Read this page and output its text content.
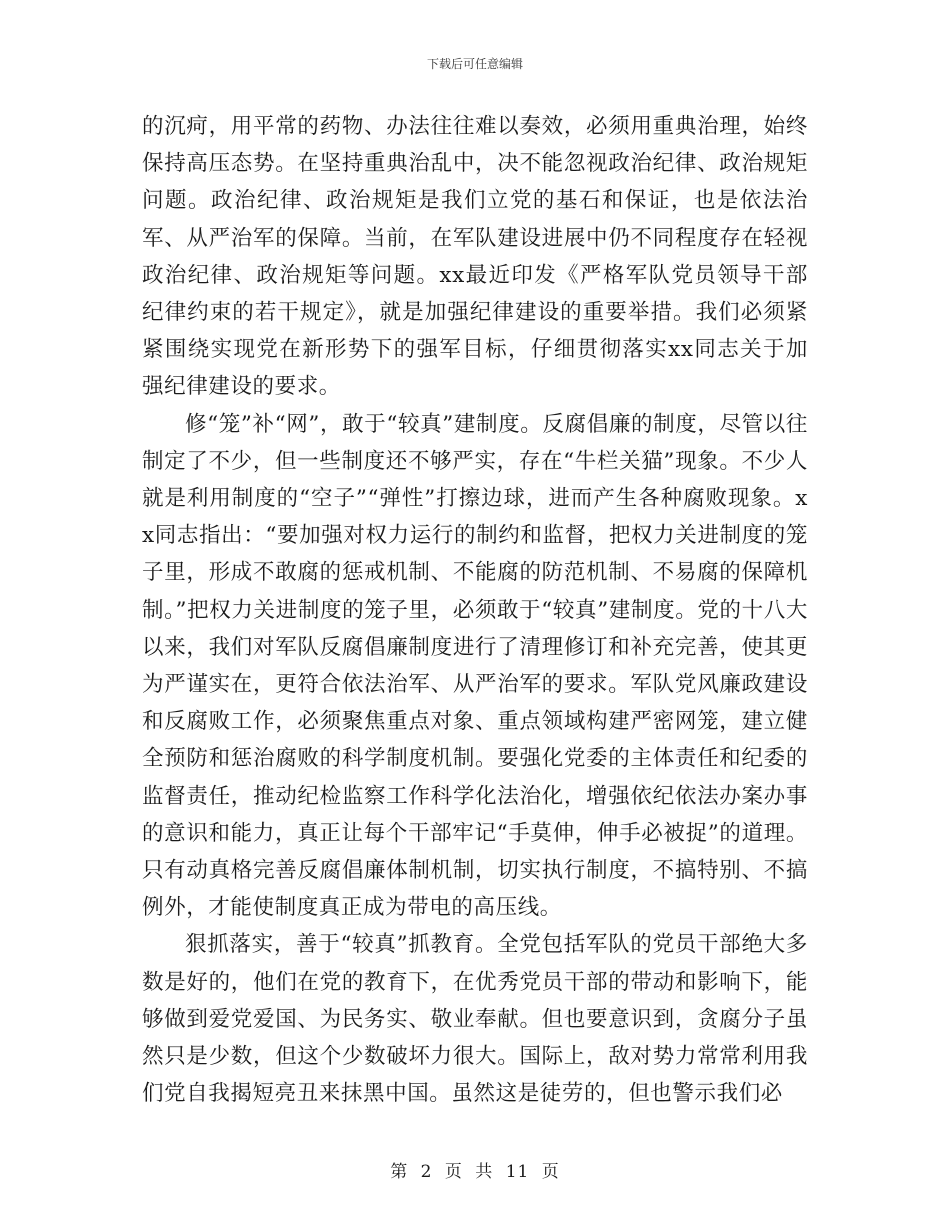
下载后可任意编辑

的沉疴，用平常的药物、办法往往难以奏效，必须用重典治理，始终保持高压态势。在坚持重典治乱中，决不能忽视政治纪律、政治规矩问题。政治纪律、政治规矩是我们立党的基石和保证，也是依法治军、从严治军的保障。当前，在军队建设进展中仍不同程度存在轻视政治纪律、政治规矩等问题。xx最近印发《严格军队党员领导干部纪律约束的若干规定》，就是加强纪律建设的重要举措。我们必须紧紧围绕实现党在新形势下的强军目标，仔细贯彻落实xx同志关于加强纪律建设的要求。

修“笼”补“网”，敢于“较真”建制度。反腐倡廉的制度，尽管以往制定了不少，但一些制度还不够严实，存在“牛栏关猫”现象。不少人就是利用制度的“空子”“弹性”打擦边球，进而产生各种腐败现象。xx同志指出：“要加强对权力运行的制约和监督，把权力关进制度的笼子里，形成不敢腐的惩戒机制、不能腐的防范机制、不易腐的保障机制。”把权力关进制度的笼子里，必须敢于“较真”建制度。党的十八大以来，我们对军队反腐倡廉制度进行了清理修订和补充完善，使其更为严谨实在，更符合依法治军、从严治军的要求。军队党风廉政建设和反腐败工作，必须聚焦重点对象、重点领域构建严密网笼，建立健全预防和惩治腐败的科学制度机制。要强化党委的主体责任和纪委的监督责任，推动纪检监察工作科学化法治化，增强依纪依法办案办事的意识和能力，真正让每个干部牢记“手莫伸，伸手必被捉”的道理。只有动真格完善反腐倡廉体制机制，切实执行制度，不搞特别、不搞例外，才能使制度真正成为带电的高压线。

狠抓落实，善于“较真”抓教育。全党包括军队的党员干部绝大多数是好的，他们在党的教育下，在优秀党员干部的带动和影响下，能够做到爱党爱国、为民务实、敬业奉献。但也要意识到，贪腐分子虽然只是少数，但这个少数破坏力很大。国际上，敌对势力常常利用我们党自我揭短亮丑来抹黑中国。虽然这是徒劳的，但也警示我们必

第 2 页 共 11 页
